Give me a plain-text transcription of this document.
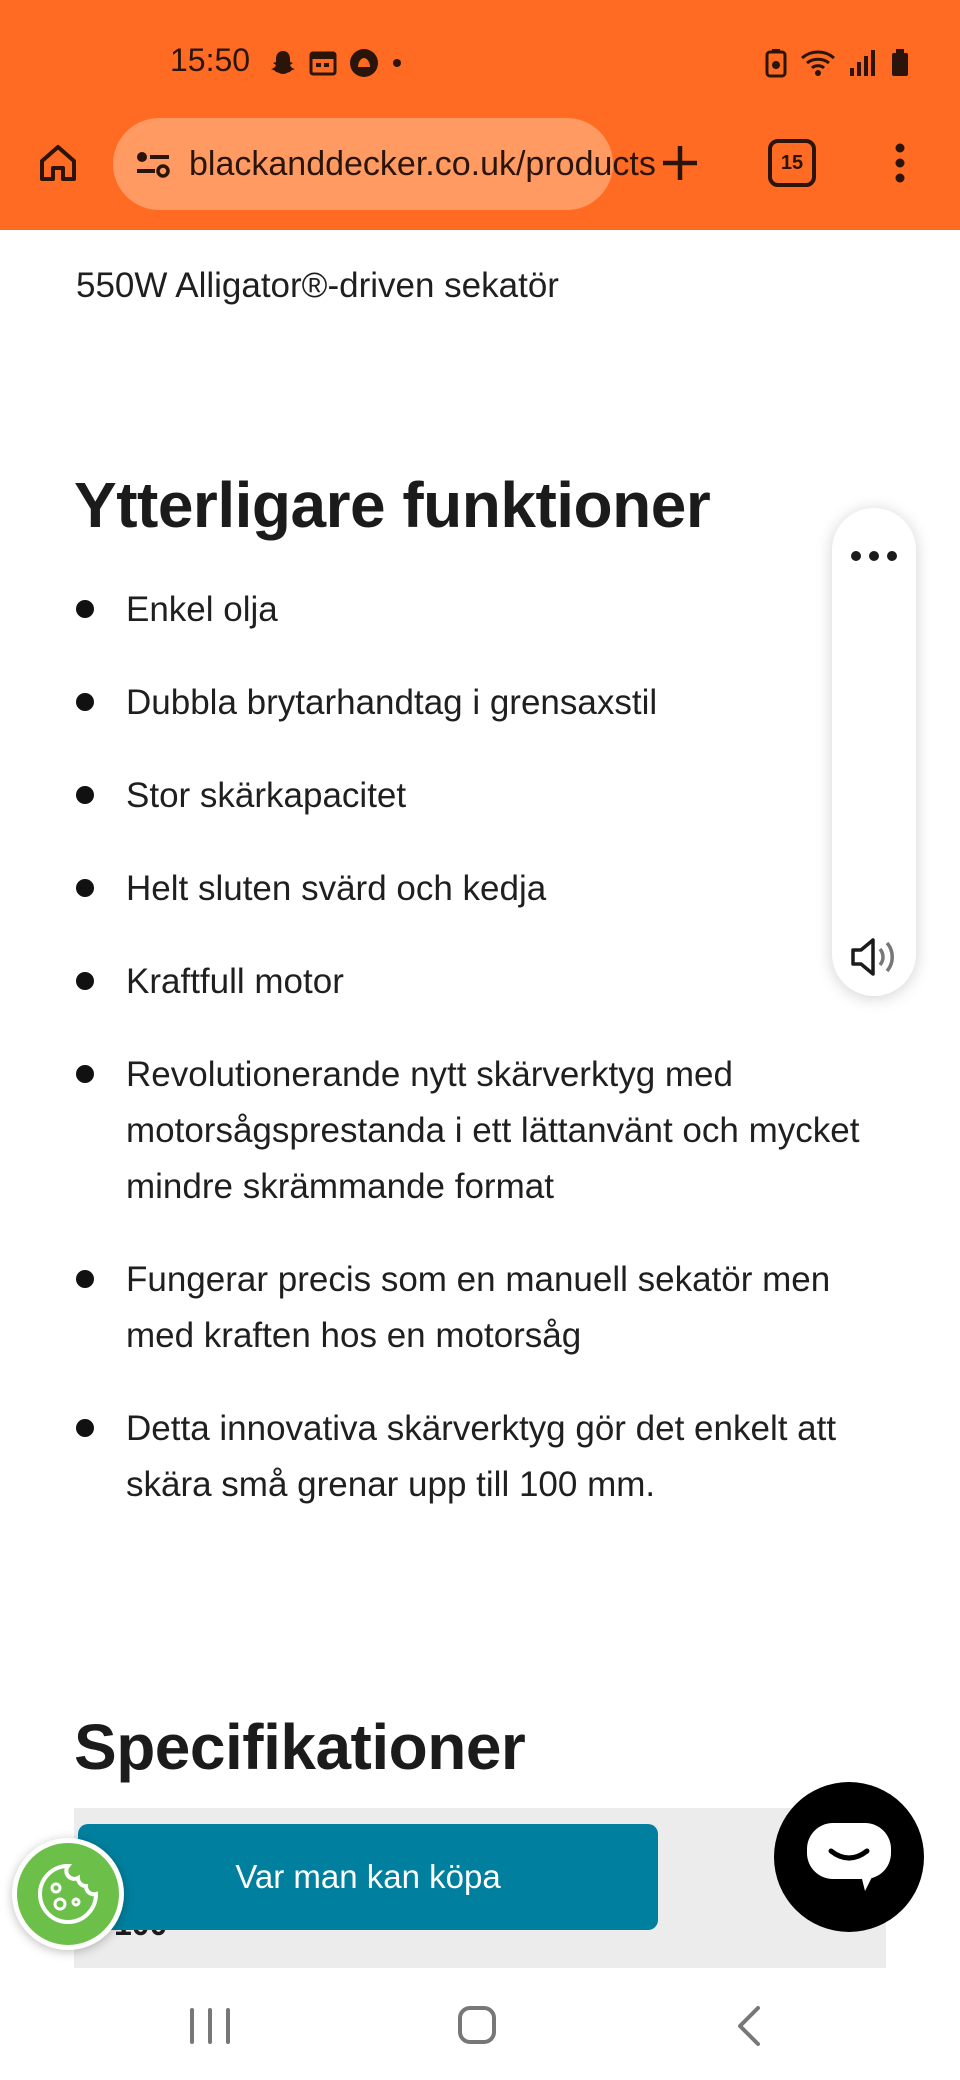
15:50
blackanddecker.co.uk/products	15
550W Alligator®-driven sekatör
Ytterligare funktioner
Enkel olja
Dubbla brytarhandtag i grensaxstil
Stor skärkapacitet
Helt sluten svärd och kedja
Kraftfull motor
Revolutionerande nytt skärverktyg med motorsågsprestanda i ett lättanvänt och mycket mindre skrämmande format
Fungerar precis som en manuell sekatör men med kraften hos en motorsåg
Detta innovativa skärverktyg gör det enkelt att skära små grenar upp till 100 mm.
Specifikationer
Var man kan köpa
